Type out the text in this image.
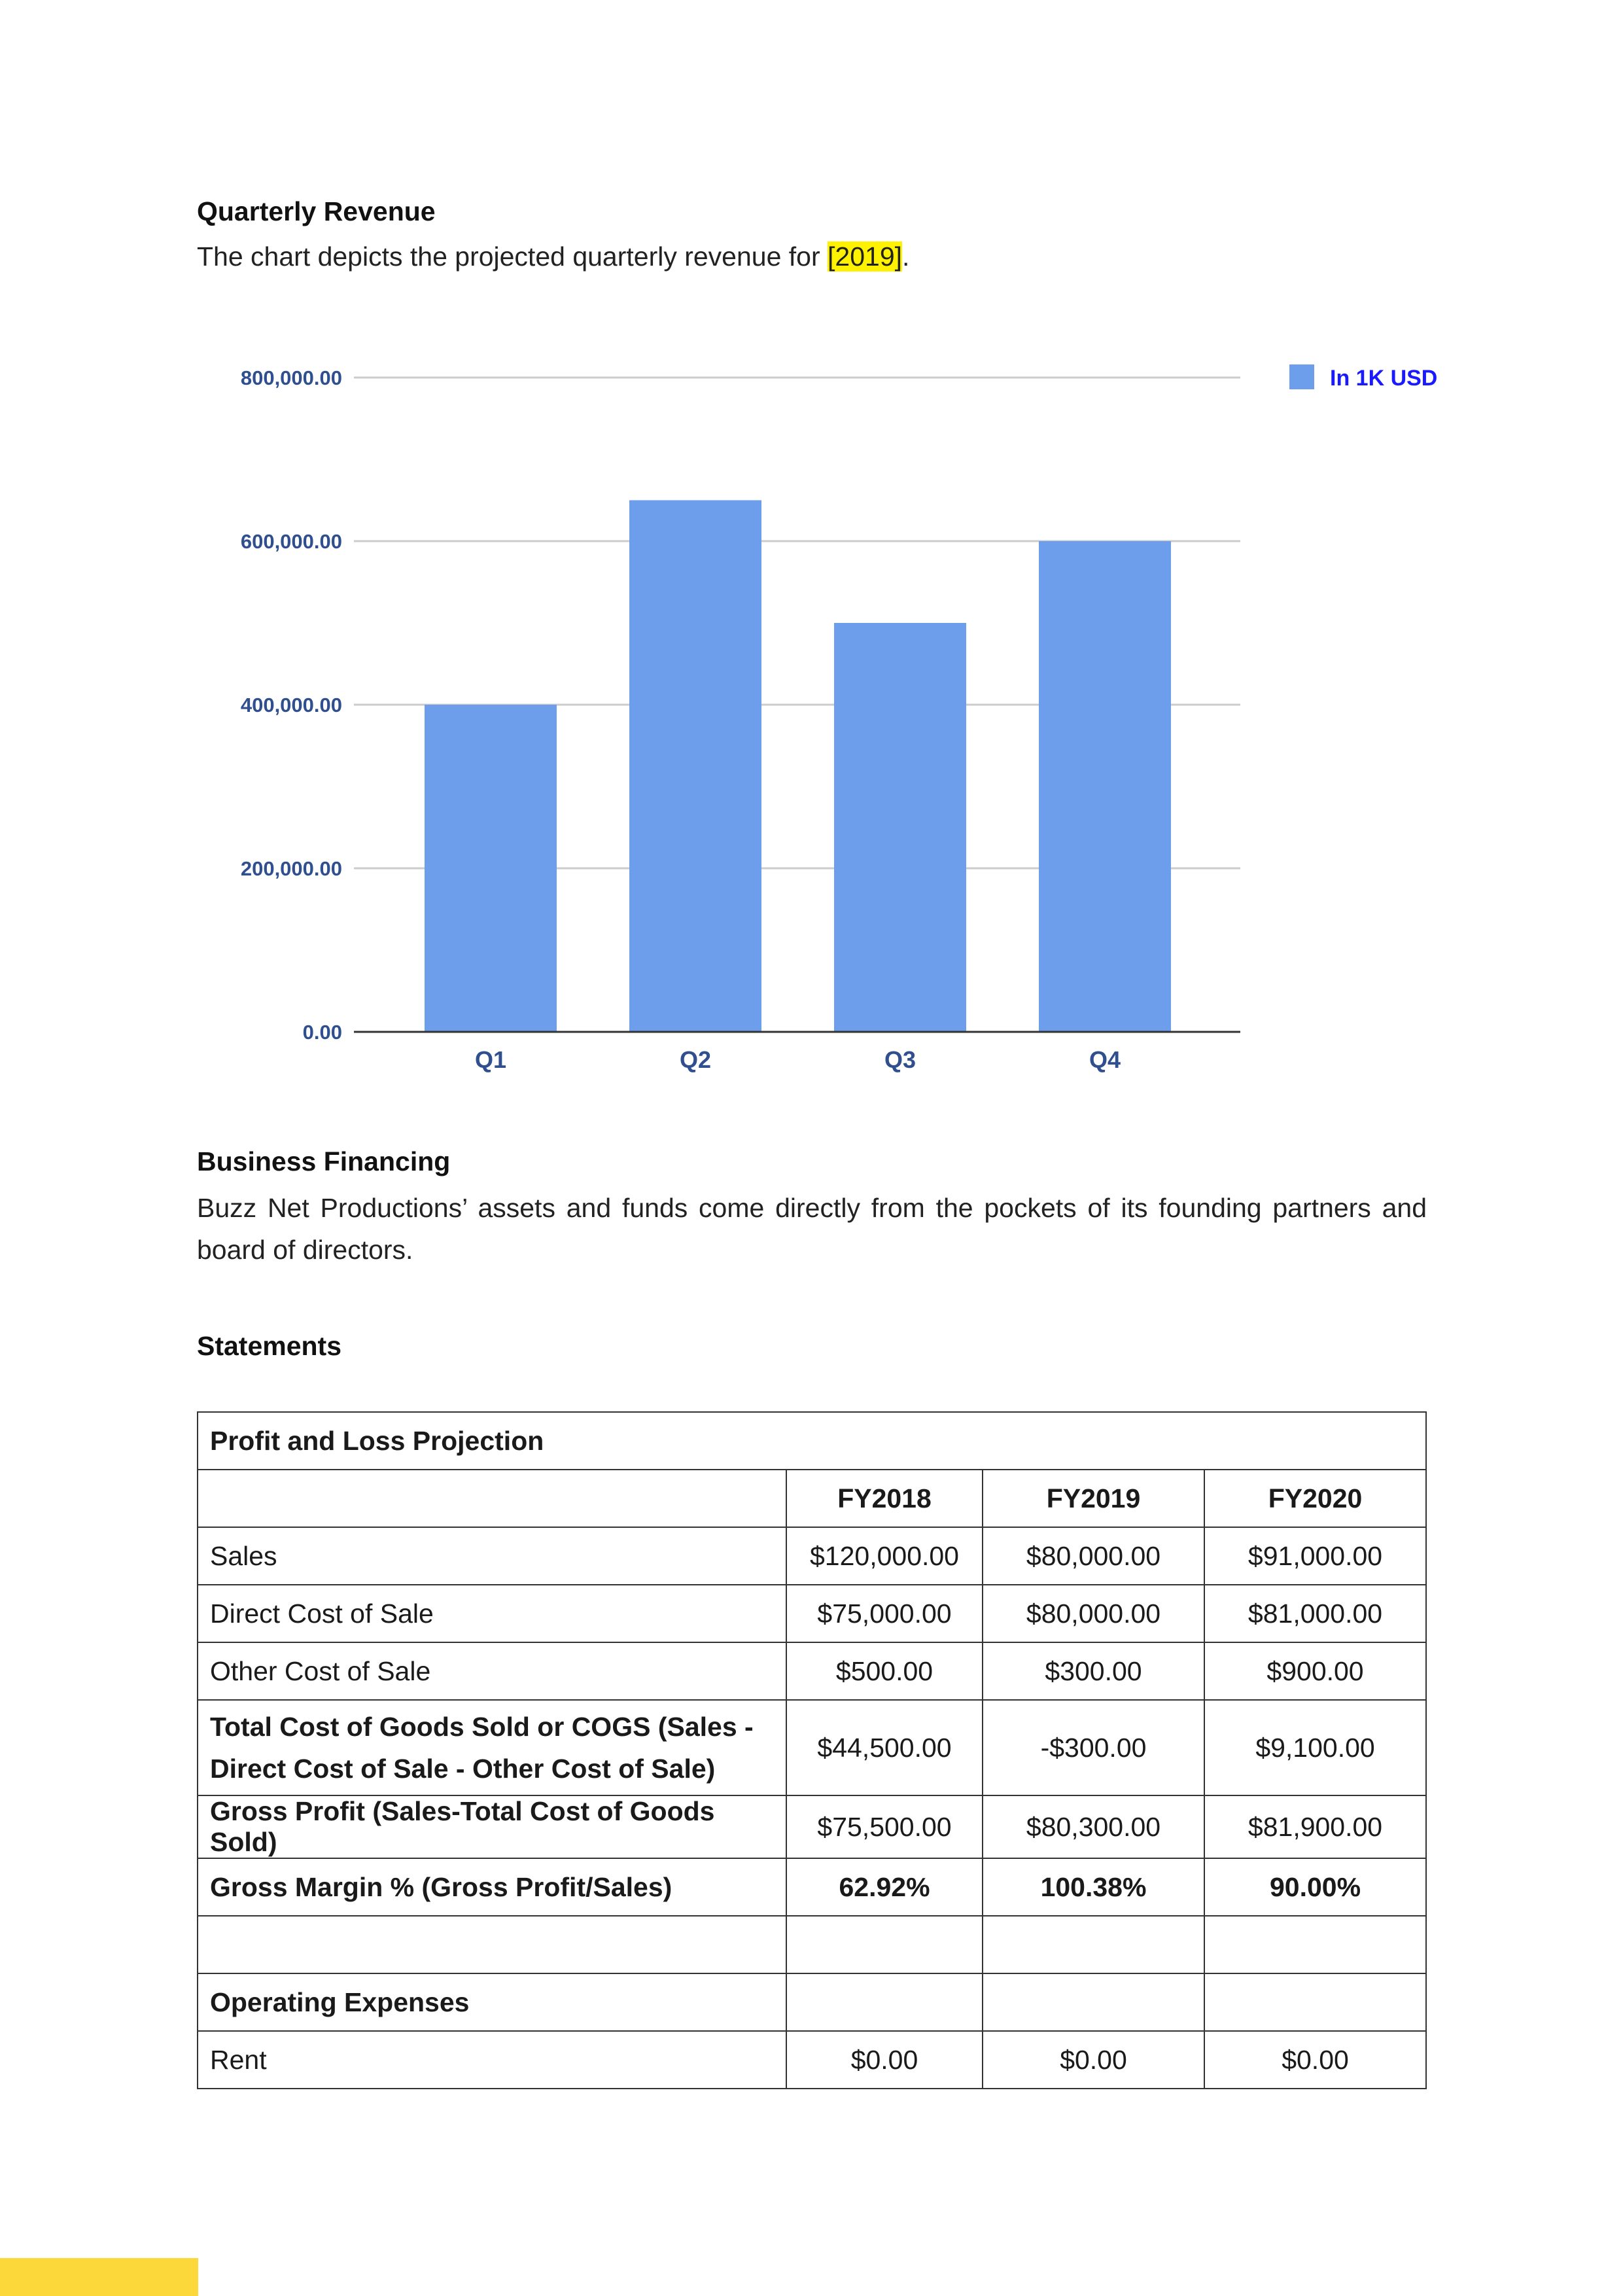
Quarterly Revenue
The chart depicts the projected quarterly revenue for [2019].
0.00
200,000.00
400,000.00
600,000.00
800,000.00
Q1	Q2	Q3	Q4
In 1K USD
Business Financing
Buzz Net Productions’ assets and funds come directly from the pockets of its founding partners and board of directors.
Statements
Profit and Loss Projection			
	FY2018	FY2019	FY2020
Sales	$120,000.00	$80,000.00	$91,000.00
Direct Cost of Sale	$75,000.00	$80,000.00	$81,000.00
Other Cost of Sale	$500.00	$300.00	$900.00

Total Cost of Goods Sold or COGS (Sales -
Direct Cost of Sale - Other Cost of Sale)	$44,500.00	-$300.00	$9,100.00
Gross Profit (Sales-Total Cost of Goods Sold)	$75,500.00	$80,300.00	$81,900.00
Gross Margin % (Gross Profit/Sales)	62.92%	100.38%	90.00%

Operating Expenses			
Rent	$0.00	$0.00	$0.00
